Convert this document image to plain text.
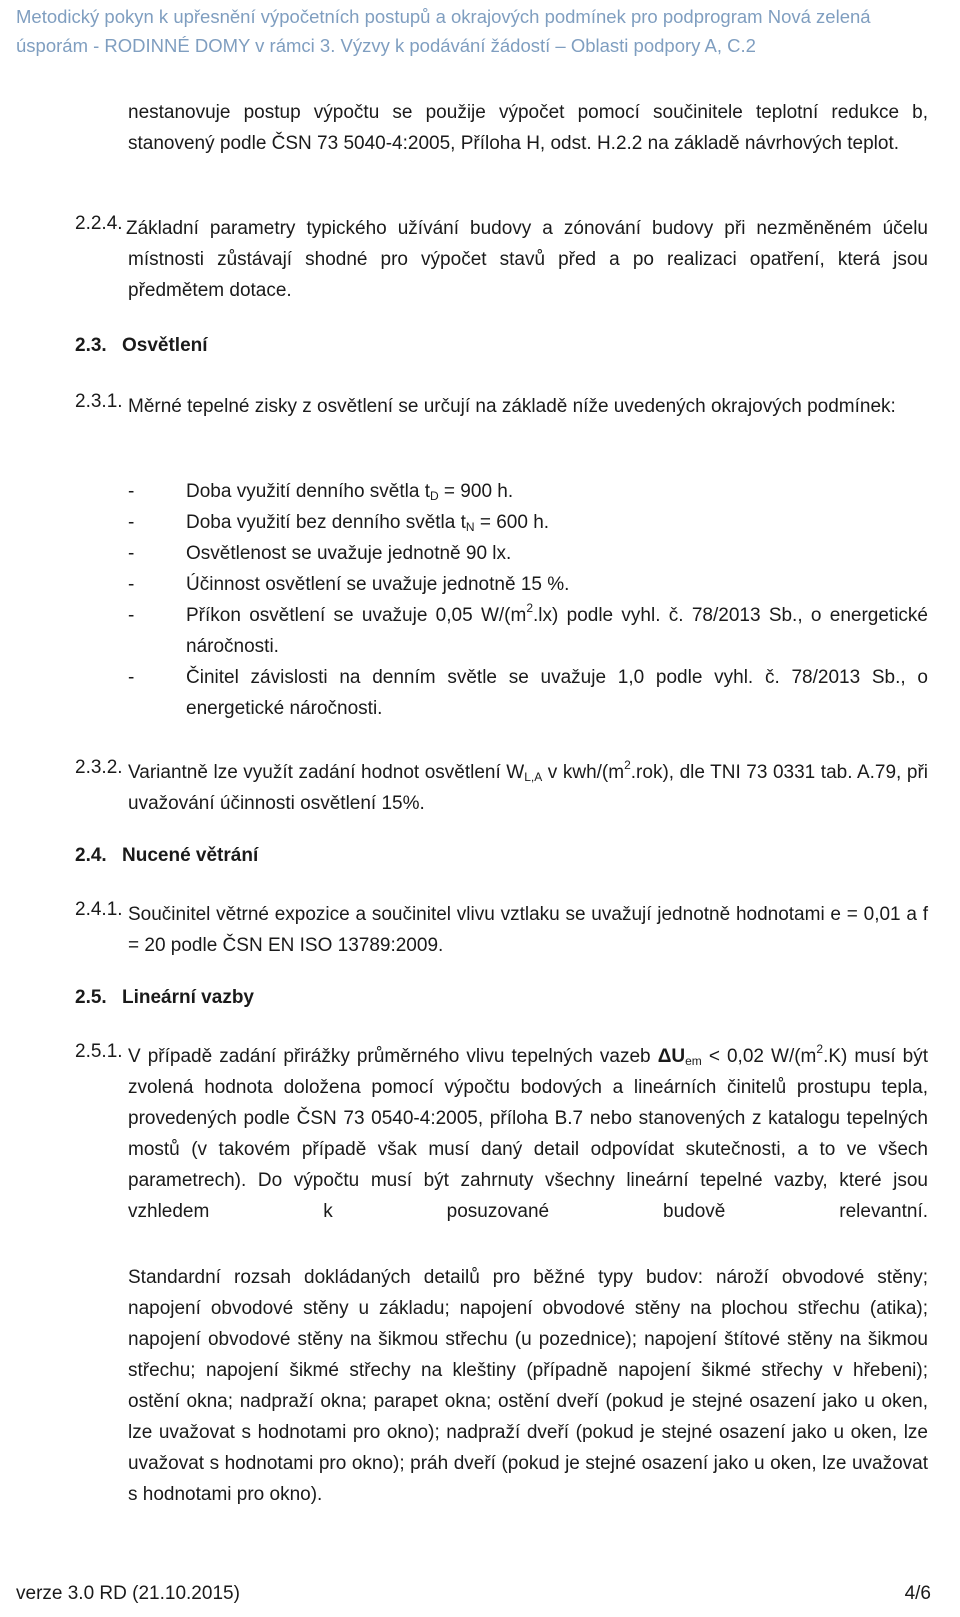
Metodický pokyn k upřesnění výpočetních postupů a okrajových podmínek pro podprogram Nová zelená
úsporám - RODINNÉ DOMY v rámci 3. Výzvy k podávání žádostí – Oblasti podpory A, C.2
nestanovuje postup výpočtu se použije výpočet pomocí součinitele teplotní redukce b, stanovený podle ČSN 73 5040-4:2005, Příloha H, odst. H.2.2 na základě návrhových teplot.
2.2.4. Základní parametry typického užívání budovy a zónování budovy při nezměněném účelu místnosti zůstávají shodné pro výpočet stavů před a po realizaci opatření, která jsou předmětem dotace.
2.3. Osvětlení
2.3.1. Měrné tepelné zisky z osvětlení se určují na základě níže uvedených okrajových podmínek:
-	Doba využití denního světla $t_D = 900$ h.
-	Doba využití bez denního světla $t_N = 600$ h.
-	Osvětlenost se uvažuje jednotně 90 lx.
-	Účinnost osvětlení se uvažuje jednotně 15 %.
-	Příkon osvětlení se uvažuje 0,05 $W/(m^2.lx)$ podle vyhl. č. 78/2013 Sb., o energetické náročnosti.
-	Činitel závislosti na denním světle se uvažuje 1,0 podle vyhl. č. 78/2013 Sb., o energetické náročnosti.
2.3.2. Variantně lze využít zadání hodnot osvětlení $W_{L,A}$ v kwh/$(m^2.rok)$, dle TNI 73 0331 tab. A.79, při uvažování účinnosti osvětlení 15%.
2.4. Nucené větrání
2.4.1. Součinitel větrné expozice a součinitel vlivu vztlaku se uvažují jednotně hodnotami e = 0,01 a f = 20 podle ČSN EN ISO 13789:2009.
2.5. Lineární vazby
2.5.1. V případě zadání přirážky průměrného vlivu tepelných vazeb $\Delta U_{em} < 0,02$ $W/(m^2.K)$ musí být zvolená hodnota doložena pomocí výpočtu bodových a lineárních činitelů prostupu tepla, provedených podle ČSN 73 0540-4:2005, příloha B.7 nebo stanovených z katalogu tepelných mostů (v takovém případě však musí daný detail odpovídat skutečnosti, a to ve všech parametrech). Do výpočtu musí být zahrnuty všechny lineární tepelné vazby, které jsou vzhledem k posuzované budově relevantní.
Standardní rozsah dokládaných detailů pro běžné typy budov: nároží obvodové stěny; napojení obvodové stěny u základu; napojení obvodové stěny na plochou střechu (atika); napojení obvodové stěny na šikmou střechu (u pozednice); napojení štítové stěny na šikmou střechu; napojení šikmé střechy na kleštiny (případně napojení šikmé střechy v hřebeni); ostění okna; nadpraží okna; parapet okna; ostění dveří (pokud je stejné osazení jako u oken, lze uvažovat s hodnotami pro okno); nadpraží dveří (pokud je stejné osazení jako u oken, lze uvažovat s hodnotami pro okno); práh dveří (pokud je stejné osazení jako u oken, lze uvažovat s hodnotami pro okno).
verze 3.0 RD (21.10.2015)	4/6
